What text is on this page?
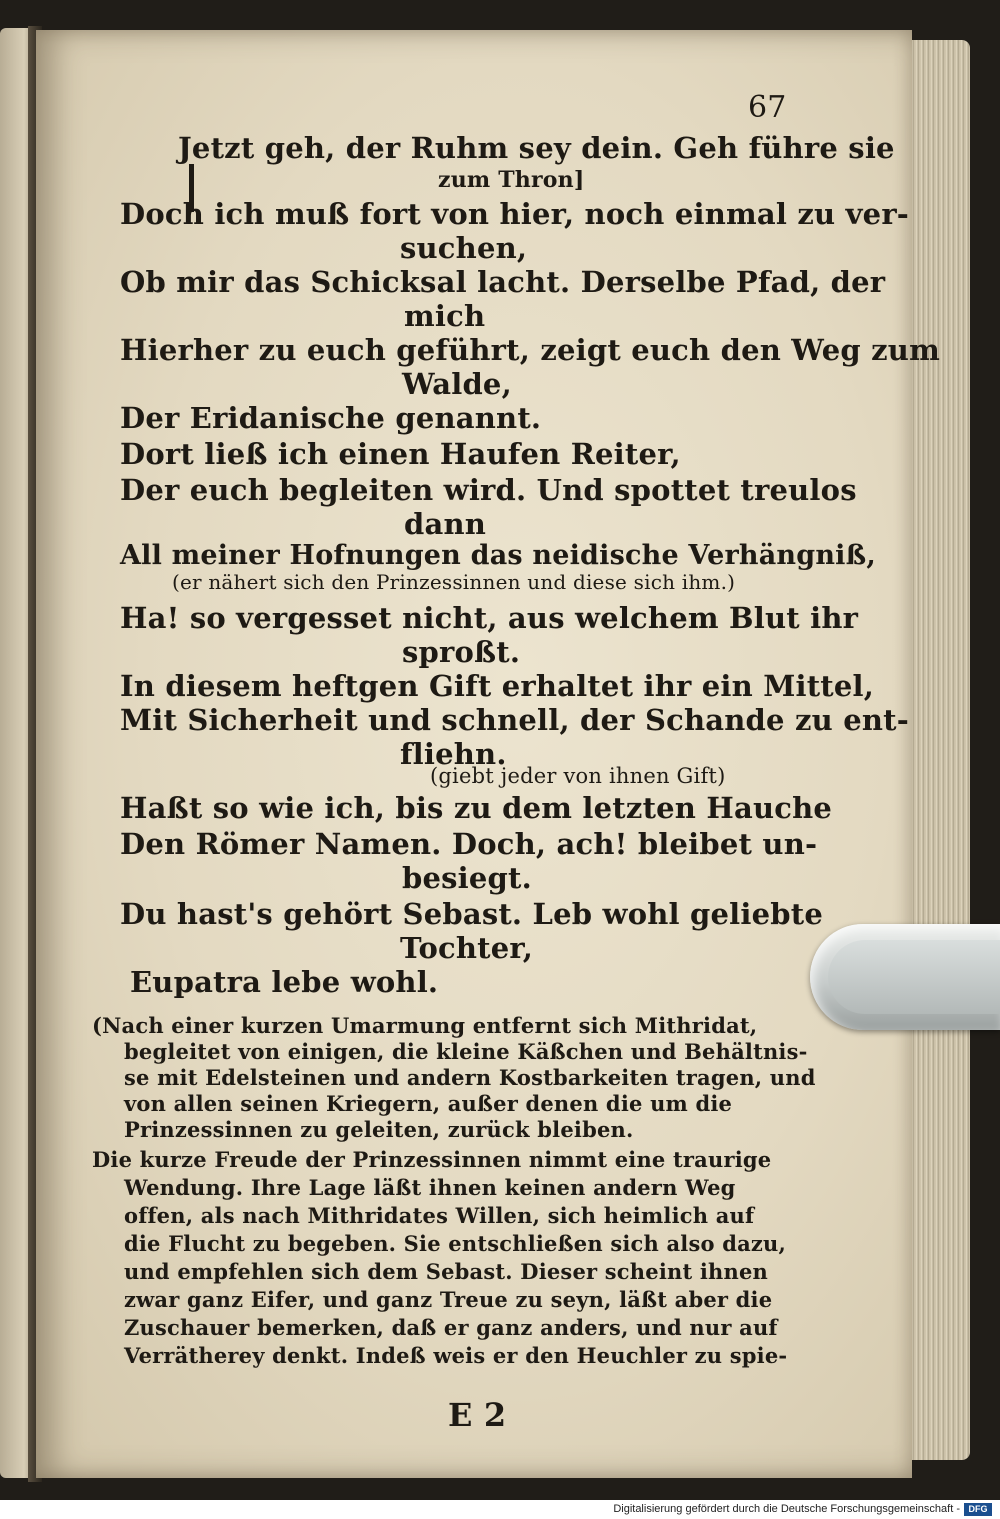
67
Jetzt geh, der Ruhm sey dein. Geh führe sie
zum Thron]
Doch ich muß fort von hier, noch einmal zu ver-
suchen,
Ob mir das Schicksal lacht. Derselbe Pfad, der
mich
Hierher zu euch geführt, zeigt euch den Weg zum
Walde,
Der Eridanische genannt.
Dort ließ ich einen Haufen Reiter,
Der euch begleiten wird. Und spottet treulos
dann
All meiner Hofnungen das neidische Verhängniß,
(er nähert sich den Prinzessinnen und diese sich ihm.)
Ha! so vergesset nicht, aus welchem Blut ihr
sproßt.
In diesem heftgen Gift erhaltet ihr ein Mittel,
Mit Sicherheit und schnell, der Schande zu ent-
fliehn.
(giebt jeder von ihnen Gift)
Haßt so wie ich, bis zu dem letzten Hauche
Den Römer Namen. Doch, ach! bleibet un-
besiegt.
Du hast's gehört Sebast. Leb wohl geliebte
Tochter,
Eupatra lebe wohl.
(Nach einer kurzen Umarmung entfernt sich Mithridat,
begleitet von einigen, die kleine Käßchen und Behältnis-
se mit Edelsteinen und andern Kostbarkeiten tragen, und
von allen seinen Kriegern, außer denen die um die
Prinzessinnen zu geleiten, zurück bleiben.
Die kurze Freude der Prinzessinnen nimmt eine traurige
Wendung. Ihre Lage läßt ihnen keinen andern Weg
offen, als nach Mithridates Willen, sich heimlich auf
die Flucht zu begeben. Sie entschließen sich also dazu,
und empfehlen sich dem Sebast. Dieser scheint ihnen
zwar ganz Eifer, und ganz Treue zu seyn, läßt aber die
Zuschauer bemerken, daß er ganz anders, und nur auf
Verrätherey denkt. Indeß weis er den Heuchler zu spie-
E 2
Digitalisierung gefördert durch die Deutsche Forschungsgemeinschaft - DFG
